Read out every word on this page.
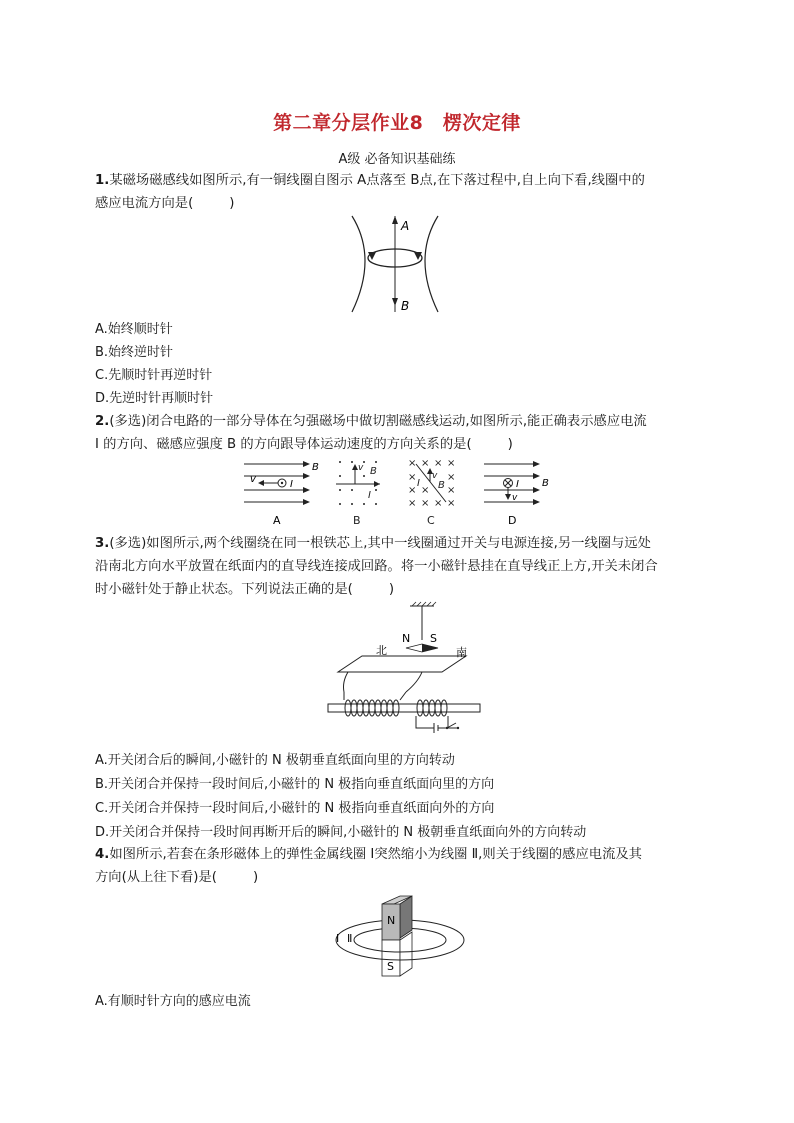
第二章分层作业8　楞次定律
A级 必备知识基础练
1.某磁场磁感线如图所示,有一铜线圈自图示 A点落至 B点,在下落过程中,自上向下看,线圈中的
感应电流方向是(	)
A
B
A.始终顺时针
B.始终逆时针
C.先顺时针再逆时针
D.先逆时针再顺时针
2.(多选)闭合电路的一部分导体在匀强磁场中做切割磁感线运动,如图所示,能正确表示感应电流
I 的方向、磁感应强度 B 的方向跟导体运动速度的方向关系的是(	)
v	I
B
A
v B
I
B
× × × ×
×	×
× × ×
× × × ×
I
v
B
C
I
v
B
D
3.(多选)如图所示,两个线圈绕在同一根铁芯上,其中一线圈通过开关与电源连接,另一线圈与远处
沿南北方向水平放置在纸面内的直导线连接成回路。将一小磁针悬挂在直导线正上方,开关未闭合
时小磁针处于静止状态。下列说法正确的是(	)
N S
北	南
A.开关闭合后的瞬间,小磁针的 N 极朝垂直纸面向里的方向转动
B.开关闭合并保持一段时间后,小磁针的 N 极指向垂直纸面向里的方向
C.开关闭合并保持一段时间后,小磁针的 N 极指向垂直纸面向外的方向
D.开关闭合并保持一段时间再断开后的瞬间,小磁针的 N 极朝垂直纸面向外的方向转动
4.如图所示,若套在条形磁体上的弹性金属线圈 Ⅰ突然缩小为线圈 Ⅱ,则关于线圈的感应电流及其
方向(从上往下看)是(	)
N
S
Ⅰ Ⅱ
A.有顺时针方向的感应电流
